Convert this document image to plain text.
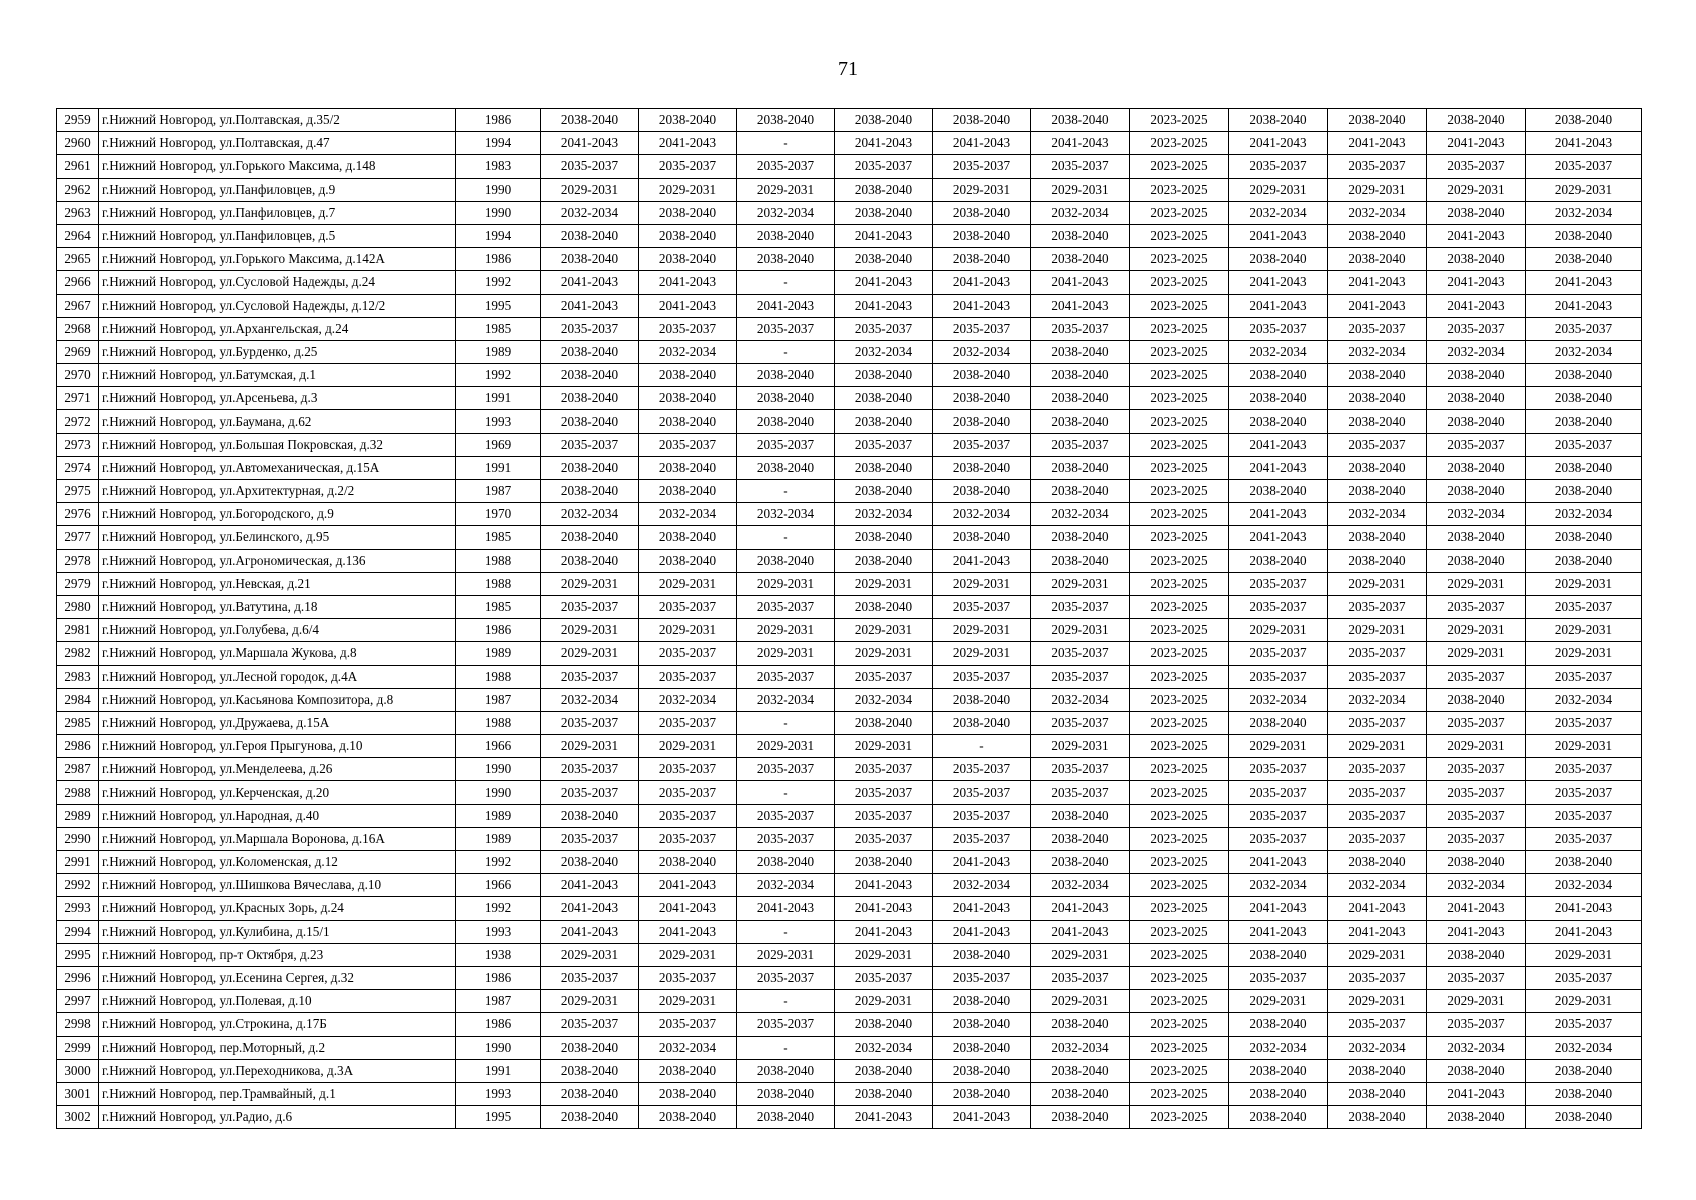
71
2959	г.Нижний Новгород, ул.Полтавская, д.35/2	1986	2038-2040	2038-2040	2038-2040	2038-2040	2038-2040	2038-2040	2023-2025	2038-2040	2038-2040	2038-2040	2038-2040
2960	г.Нижний Новгород, ул.Полтавская, д.47	1994	2041-2043	2041-2043	-	2041-2043	2041-2043	2041-2043	2023-2025	2041-2043	2041-2043	2041-2043	2041-2043
2961	г.Нижний Новгород, ул.Горького Максима, д.148	1983	2035-2037	2035-2037	2035-2037	2035-2037	2035-2037	2035-2037	2023-2025	2035-2037	2035-2037	2035-2037	2035-2037
2962	г.Нижний Новгород, ул.Панфиловцев, д.9	1990	2029-2031	2029-2031	2029-2031	2038-2040	2029-2031	2029-2031	2023-2025	2029-2031	2029-2031	2029-2031	2029-2031
2963	г.Нижний Новгород, ул.Панфиловцев, д.7	1990	2032-2034	2038-2040	2032-2034	2038-2040	2038-2040	2032-2034	2023-2025	2032-2034	2032-2034	2038-2040	2032-2034
2964	г.Нижний Новгород, ул.Панфиловцев, д.5	1994	2038-2040	2038-2040	2038-2040	2041-2043	2038-2040	2038-2040	2023-2025	2041-2043	2038-2040	2041-2043	2038-2040
2965	г.Нижний Новгород, ул.Горького Максима, д.142А	1986	2038-2040	2038-2040	2038-2040	2038-2040	2038-2040	2038-2040	2023-2025	2038-2040	2038-2040	2038-2040	2038-2040
2966	г.Нижний Новгород, ул.Сусловой Надежды, д.24	1992	2041-2043	2041-2043	-	2041-2043	2041-2043	2041-2043	2023-2025	2041-2043	2041-2043	2041-2043	2041-2043
2967	г.Нижний Новгород, ул.Сусловой Надежды, д.12/2	1995	2041-2043	2041-2043	2041-2043	2041-2043	2041-2043	2041-2043	2023-2025	2041-2043	2041-2043	2041-2043	2041-2043
2968	г.Нижний Новгород, ул.Архангельская, д.24	1985	2035-2037	2035-2037	2035-2037	2035-2037	2035-2037	2035-2037	2023-2025	2035-2037	2035-2037	2035-2037	2035-2037
2969	г.Нижний Новгород, ул.Бурденко, д.25	1989	2038-2040	2032-2034	-	2032-2034	2032-2034	2038-2040	2023-2025	2032-2034	2032-2034	2032-2034	2032-2034
2970	г.Нижний Новгород, ул.Батумская, д.1	1992	2038-2040	2038-2040	2038-2040	2038-2040	2038-2040	2038-2040	2023-2025	2038-2040	2038-2040	2038-2040	2038-2040
2971	г.Нижний Новгород, ул.Арсеньева, д.3	1991	2038-2040	2038-2040	2038-2040	2038-2040	2038-2040	2038-2040	2023-2025	2038-2040	2038-2040	2038-2040	2038-2040
2972	г.Нижний Новгород, ул.Баумана, д.62	1993	2038-2040	2038-2040	2038-2040	2038-2040	2038-2040	2038-2040	2023-2025	2038-2040	2038-2040	2038-2040	2038-2040
2973	г.Нижний Новгород, ул.Большая Покровская, д.32	1969	2035-2037	2035-2037	2035-2037	2035-2037	2035-2037	2035-2037	2023-2025	2041-2043	2035-2037	2035-2037	2035-2037
2974	г.Нижний Новгород, ул.Автомеханическая, д.15А	1991	2038-2040	2038-2040	2038-2040	2038-2040	2038-2040	2038-2040	2023-2025	2041-2043	2038-2040	2038-2040	2038-2040
2975	г.Нижний Новгород, ул.Архитектурная, д.2/2	1987	2038-2040	2038-2040	-	2038-2040	2038-2040	2038-2040	2023-2025	2038-2040	2038-2040	2038-2040	2038-2040
2976	г.Нижний Новгород, ул.Богородского, д.9	1970	2032-2034	2032-2034	2032-2034	2032-2034	2032-2034	2032-2034	2023-2025	2041-2043	2032-2034	2032-2034	2032-2034
2977	г.Нижний Новгород, ул.Белинского, д.95	1985	2038-2040	2038-2040	-	2038-2040	2038-2040	2038-2040	2023-2025	2041-2043	2038-2040	2038-2040	2038-2040
2978	г.Нижний Новгород, ул.Агрономическая, д.136	1988	2038-2040	2038-2040	2038-2040	2038-2040	2041-2043	2038-2040	2023-2025	2038-2040	2038-2040	2038-2040	2038-2040
2979	г.Нижний Новгород, ул.Невская, д.21	1988	2029-2031	2029-2031	2029-2031	2029-2031	2029-2031	2029-2031	2023-2025	2035-2037	2029-2031	2029-2031	2029-2031
2980	г.Нижний Новгород, ул.Ватутина, д.18	1985	2035-2037	2035-2037	2035-2037	2038-2040	2035-2037	2035-2037	2023-2025	2035-2037	2035-2037	2035-2037	2035-2037
2981	г.Нижний Новгород, ул.Голубева, д.6/4	1986	2029-2031	2029-2031	2029-2031	2029-2031	2029-2031	2029-2031	2023-2025	2029-2031	2029-2031	2029-2031	2029-2031
2982	г.Нижний Новгород, ул.Маршала Жукова, д.8	1989	2029-2031	2035-2037	2029-2031	2029-2031	2029-2031	2035-2037	2023-2025	2035-2037	2035-2037	2029-2031	2029-2031
2983	г.Нижний Новгород, ул.Лесной городок, д.4А	1988	2035-2037	2035-2037	2035-2037	2035-2037	2035-2037	2035-2037	2023-2025	2035-2037	2035-2037	2035-2037	2035-2037
2984	г.Нижний Новгород, ул.Касьянова Композитора, д.8	1987	2032-2034	2032-2034	2032-2034	2032-2034	2038-2040	2032-2034	2023-2025	2032-2034	2032-2034	2038-2040	2032-2034
2985	г.Нижний Новгород, ул.Дружаева, д.15А	1988	2035-2037	2035-2037	-	2038-2040	2038-2040	2035-2037	2023-2025	2038-2040	2035-2037	2035-2037	2035-2037
2986	г.Нижний Новгород, ул.Героя Прыгунова, д.10	1966	2029-2031	2029-2031	2029-2031	2029-2031	-	2029-2031	2023-2025	2029-2031	2029-2031	2029-2031	2029-2031
2987	г.Нижний Новгород, ул.Менделеева, д.26	1990	2035-2037	2035-2037	2035-2037	2035-2037	2035-2037	2035-2037	2023-2025	2035-2037	2035-2037	2035-2037	2035-2037
2988	г.Нижний Новгород, ул.Керченская, д.20	1990	2035-2037	2035-2037	-	2035-2037	2035-2037	2035-2037	2023-2025	2035-2037	2035-2037	2035-2037	2035-2037
2989	г.Нижний Новгород, ул.Народная, д.40	1989	2038-2040	2035-2037	2035-2037	2035-2037	2035-2037	2038-2040	2023-2025	2035-2037	2035-2037	2035-2037	2035-2037
2990	г.Нижний Новгород, ул.Маршала Воронова, д.16А	1989	2035-2037	2035-2037	2035-2037	2035-2037	2035-2037	2038-2040	2023-2025	2035-2037	2035-2037	2035-2037	2035-2037
2991	г.Нижний Новгород, ул.Коломенская, д.12	1992	2038-2040	2038-2040	2038-2040	2038-2040	2041-2043	2038-2040	2023-2025	2041-2043	2038-2040	2038-2040	2038-2040
2992	г.Нижний Новгород, ул.Шишкова Вячеслава, д.10	1966	2041-2043	2041-2043	2032-2034	2041-2043	2032-2034	2032-2034	2023-2025	2032-2034	2032-2034	2032-2034	2032-2034
2993	г.Нижний Новгород, ул.Красных Зорь, д.24	1992	2041-2043	2041-2043	2041-2043	2041-2043	2041-2043	2041-2043	2023-2025	2041-2043	2041-2043	2041-2043	2041-2043
2994	г.Нижний Новгород, ул.Кулибина, д.15/1	1993	2041-2043	2041-2043	-	2041-2043	2041-2043	2041-2043	2023-2025	2041-2043	2041-2043	2041-2043	2041-2043
2995	г.Нижний Новгород, пр-т Октября, д.23	1938	2029-2031	2029-2031	2029-2031	2029-2031	2038-2040	2029-2031	2023-2025	2038-2040	2029-2031	2038-2040	2029-2031
2996	г.Нижний Новгород, ул.Есенина Сергея, д.32	1986	2035-2037	2035-2037	2035-2037	2035-2037	2035-2037	2035-2037	2023-2025	2035-2037	2035-2037	2035-2037	2035-2037
2997	г.Нижний Новгород, ул.Полевая, д.10	1987	2029-2031	2029-2031	-	2029-2031	2038-2040	2029-2031	2023-2025	2029-2031	2029-2031	2029-2031	2029-2031
2998	г.Нижний Новгород, ул.Строкина, д.17Б	1986	2035-2037	2035-2037	2035-2037	2038-2040	2038-2040	2038-2040	2023-2025	2038-2040	2035-2037	2035-2037	2035-2037
2999	г.Нижний Новгород, пер.Моторный, д.2	1990	2038-2040	2032-2034	-	2032-2034	2038-2040	2032-2034	2023-2025	2032-2034	2032-2034	2032-2034	2032-2034
3000	г.Нижний Новгород, ул.Переходникова, д.3А	1991	2038-2040	2038-2040	2038-2040	2038-2040	2038-2040	2038-2040	2023-2025	2038-2040	2038-2040	2038-2040	2038-2040
3001	г.Нижний Новгород, пер.Трамвайный, д.1	1993	2038-2040	2038-2040	2038-2040	2038-2040	2038-2040	2038-2040	2023-2025	2038-2040	2038-2040	2041-2043	2038-2040
3002	г.Нижний Новгород, ул.Радио, д.6	1995	2038-2040	2038-2040	2038-2040	2041-2043	2041-2043	2038-2040	2023-2025	2038-2040	2038-2040	2038-2040	2038-2040
